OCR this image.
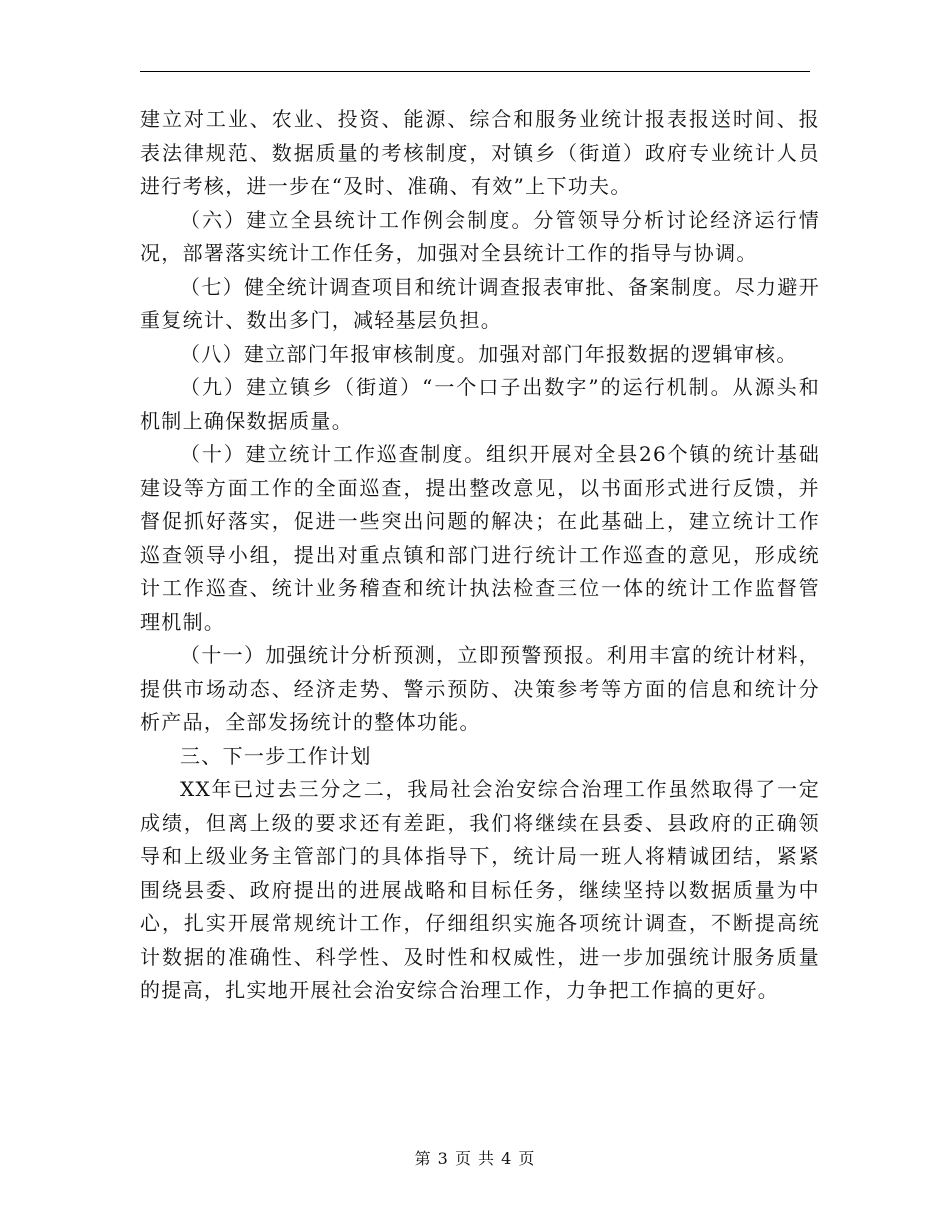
建立对工业、农业、投资、能源、综合和服务业统计报表报送时间、报表法律规范、数据质量的考核制度，对镇乡（街道）政府专业统计人员进行考核，进一步在“及时、准确、有效”上下功夫。

（六）建立全县统计工作例会制度。分管领导分析讨论经济运行情况，部署落实统计工作任务，加强对全县统计工作的指导与协调。

（七）健全统计调查项目和统计调查报表审批、备案制度。尽力避开重复统计、数出多门，减轻基层负担。

（八）建立部门年报审核制度。加强对部门年报数据的逻辑审核。

（九）建立镇乡（街道）“一个口子出数字”的运行机制。从源头和机制上确保数据质量。

（十）建立统计工作巡查制度。组织开展对全县26个镇的统计基础建设等方面工作的全面巡查，提出整改意见，以书面形式进行反馈，并督促抓好落实，促进一些突出问题的解决；在此基础上，建立统计工作巡查领导小组，提出对重点镇和部门进行统计工作巡查的意见，形成统计工作巡查、统计业务稽查和统计执法检查三位一体的统计工作监督管理机制。

（十一）加强统计分析预测，立即预警预报。利用丰富的统计材料，提供市场动态、经济走势、警示预防、决策参考等方面的信息和统计分析产品，全部发扬统计的整体功能。

三、下一步工作计划

XX年已过去三分之二，我局社会治安综合治理工作虽然取得了一定成绩，但离上级的要求还有差距，我们将继续在县委、县政府的正确领导和上级业务主管部门的具体指导下，统计局一班人将精诚团结，紧紧围绕县委、政府提出的进展战略和目标任务，继续坚持以数据质量为中心，扎实开展常规统计工作，仔细组织实施各项统计调查，不断提高统计数据的准确性、科学性、及时性和权威性，进一步加强统计服务质量的提高，扎实地开展社会治安综合治理工作，力争把工作搞的更好。

第 3 页 共 4 页
